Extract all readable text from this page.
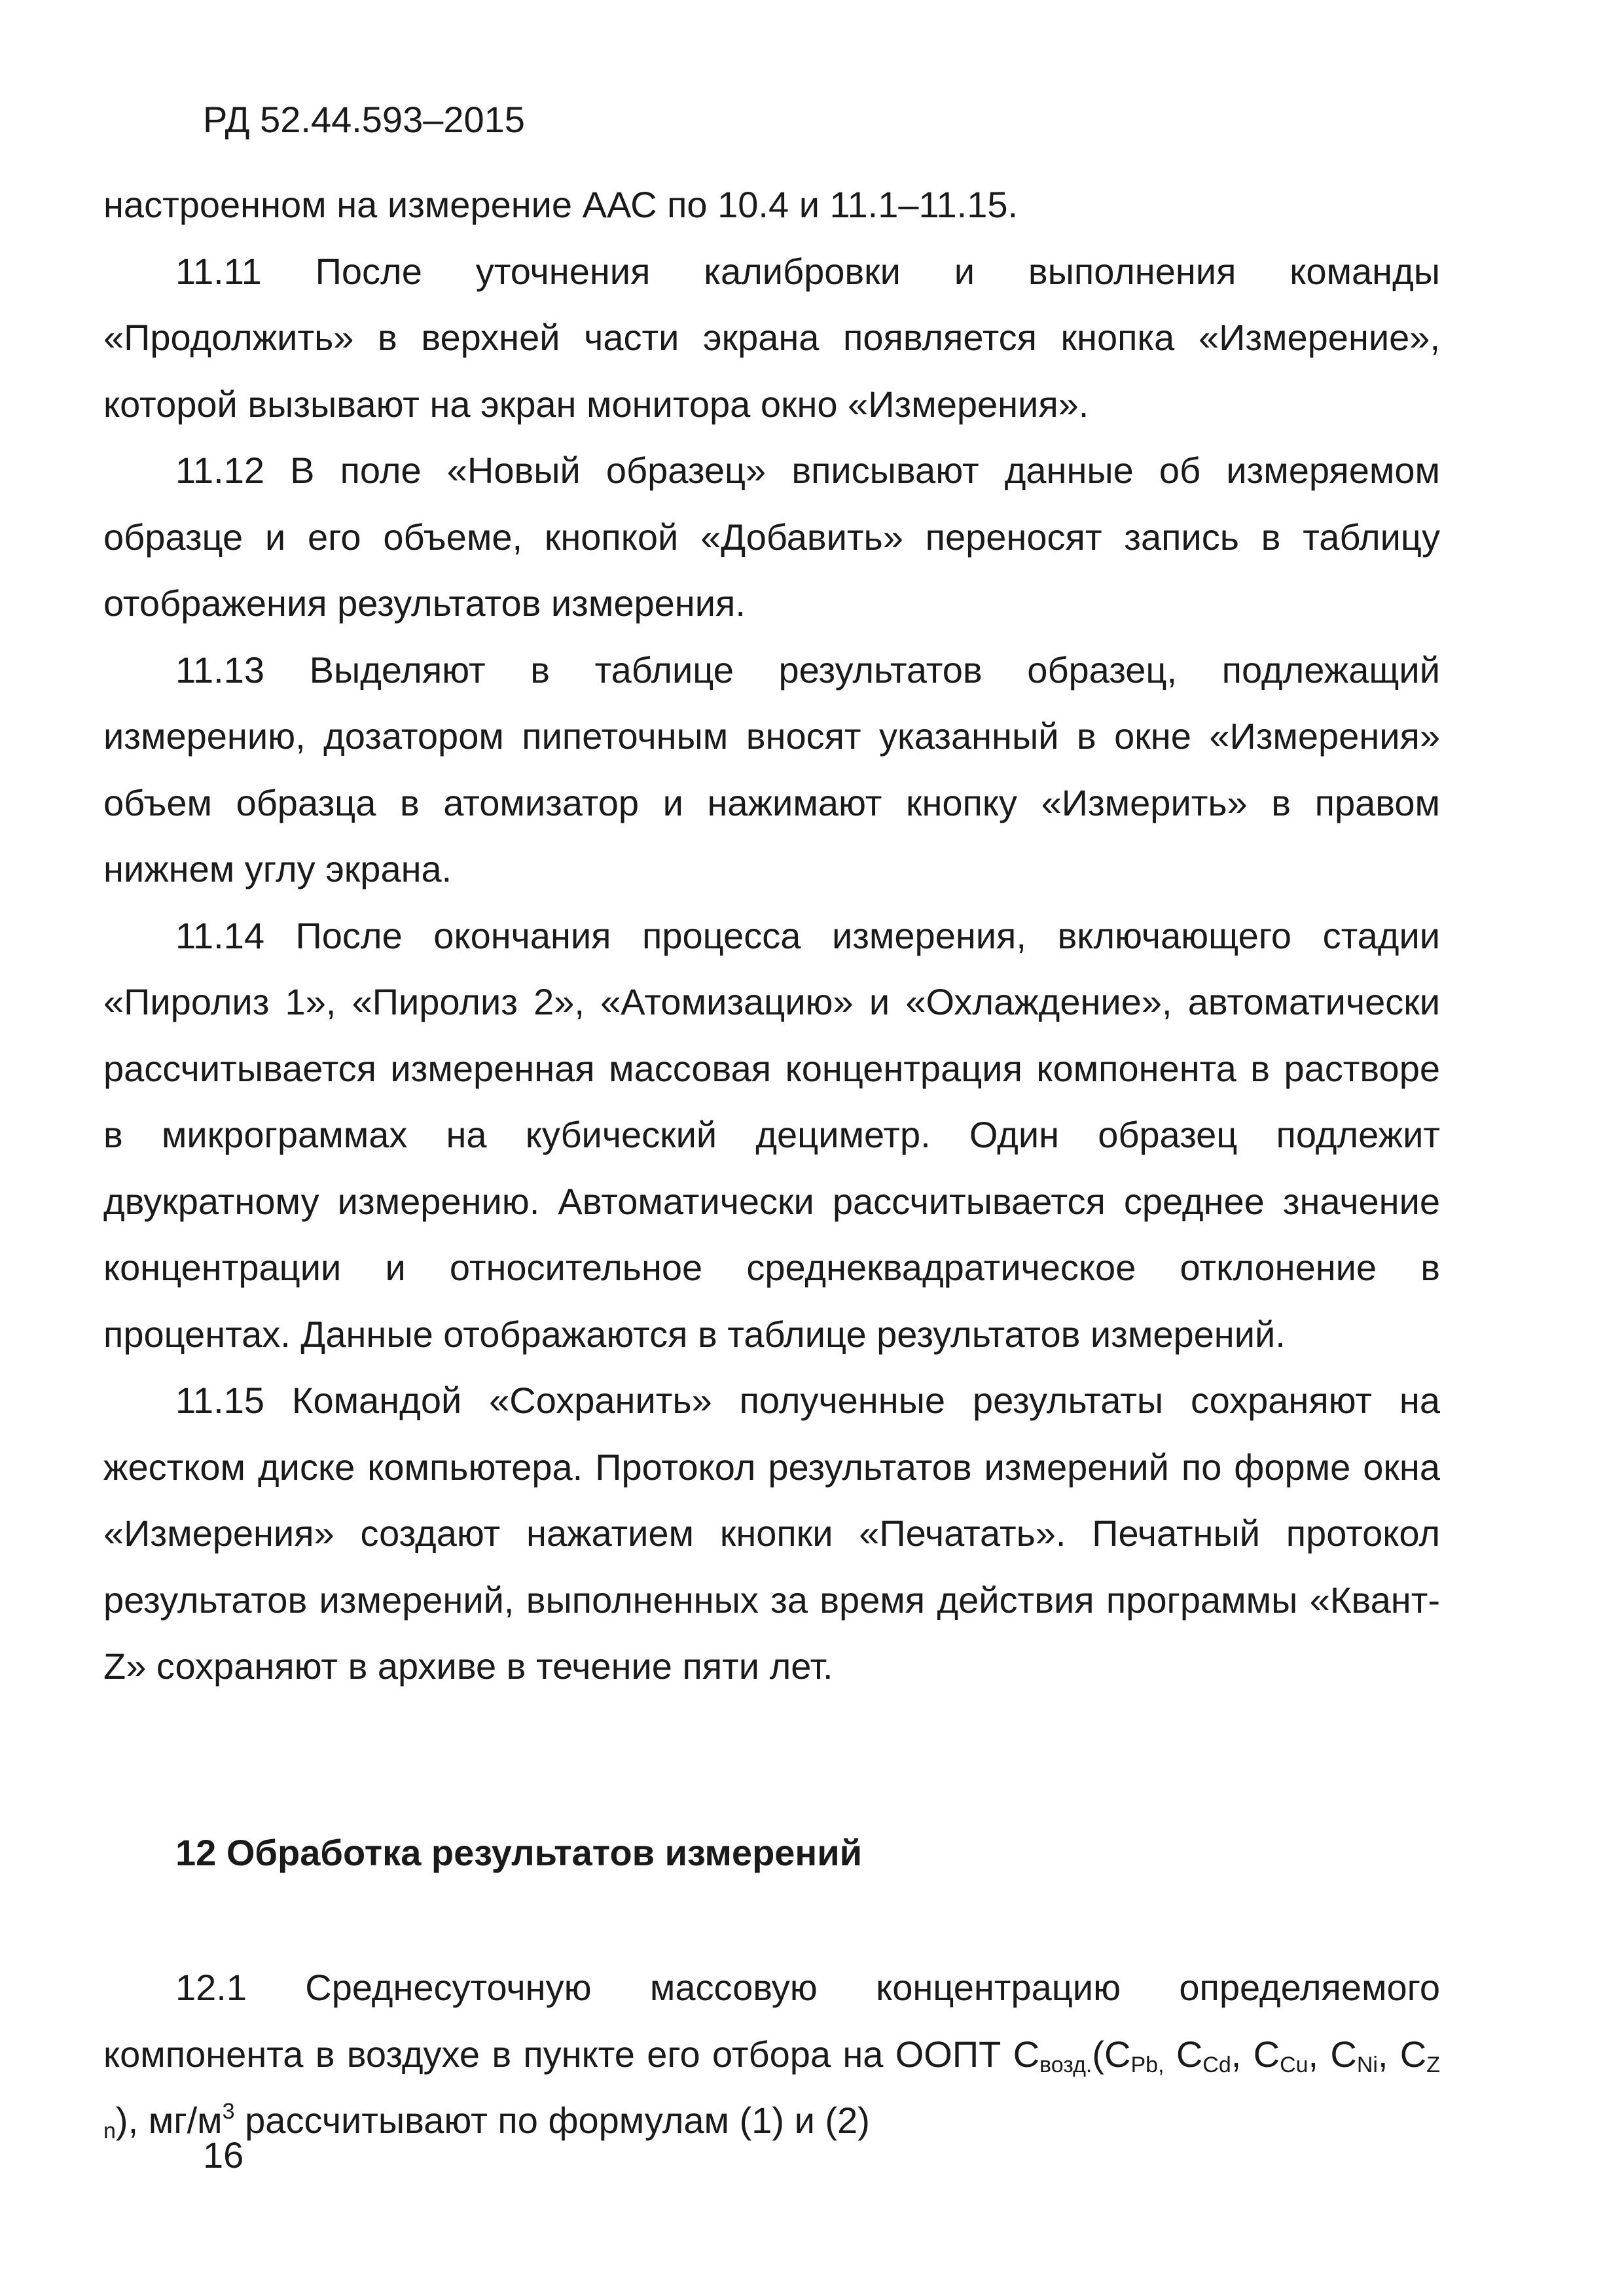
РД 52.44.593–2015

настроенном на измерение ААС по 10.4 и 11.1–11.15.

11.11 После уточнения калибровки и выполнения команды «Продолжить» в верхней части экрана появляется кнопка «Измерение», которой вызывают на экран монитора окно «Измерения».

11.12 В поле «Новый образец» вписывают данные об измеряемом образце и его объеме, кнопкой «Добавить» переносят запись в таблицу отображения результатов измерения.

11.13 Выделяют в таблице результатов образец, подлежащий измерению, дозатором пипеточным вносят указанный в окне «Измерения» объем образца в атомизатор и нажимают кнопку «Измерить» в правом нижнем углу экрана.

11.14 После окончания процесса измерения, включающего стадии «Пиролиз 1», «Пиролиз 2», «Атомизацию» и «Охлаждение», автоматически рассчитывается измеренная массовая концентрация компонента в растворе в микрограммах на кубический дециметр. Один образец подлежит двукратному измерению. Автоматически рассчитывается среднее значение концентрации и относительное среднеквадратическое отклонение в процентах. Данные отображаются в таблице результатов измерений.

11.15 Командой «Сохранить» полученные результаты сохраняют на жестком диске компьютера. Протокол результатов измерений по форме окна «Измерения» создают нажатием кнопки «Печатать». Печатный протокол результатов измерений, выполненных за время действия программы «Квант-Z» сохраняют в архиве в течение пяти лет.

12 Обработка результатов измерений

12.1 Среднесуточную массовую концентрацию определяемого компонента в воздухе в пункте его отбора на ООПТ $C_{возд.}(C_{Pb,}$ $C_{Cd}$, $C_{Cu}$, $C_{Ni}$, $C_{Z n}$), $мг/м^3$ рассчитывают по формулам (1) и (2)

16
